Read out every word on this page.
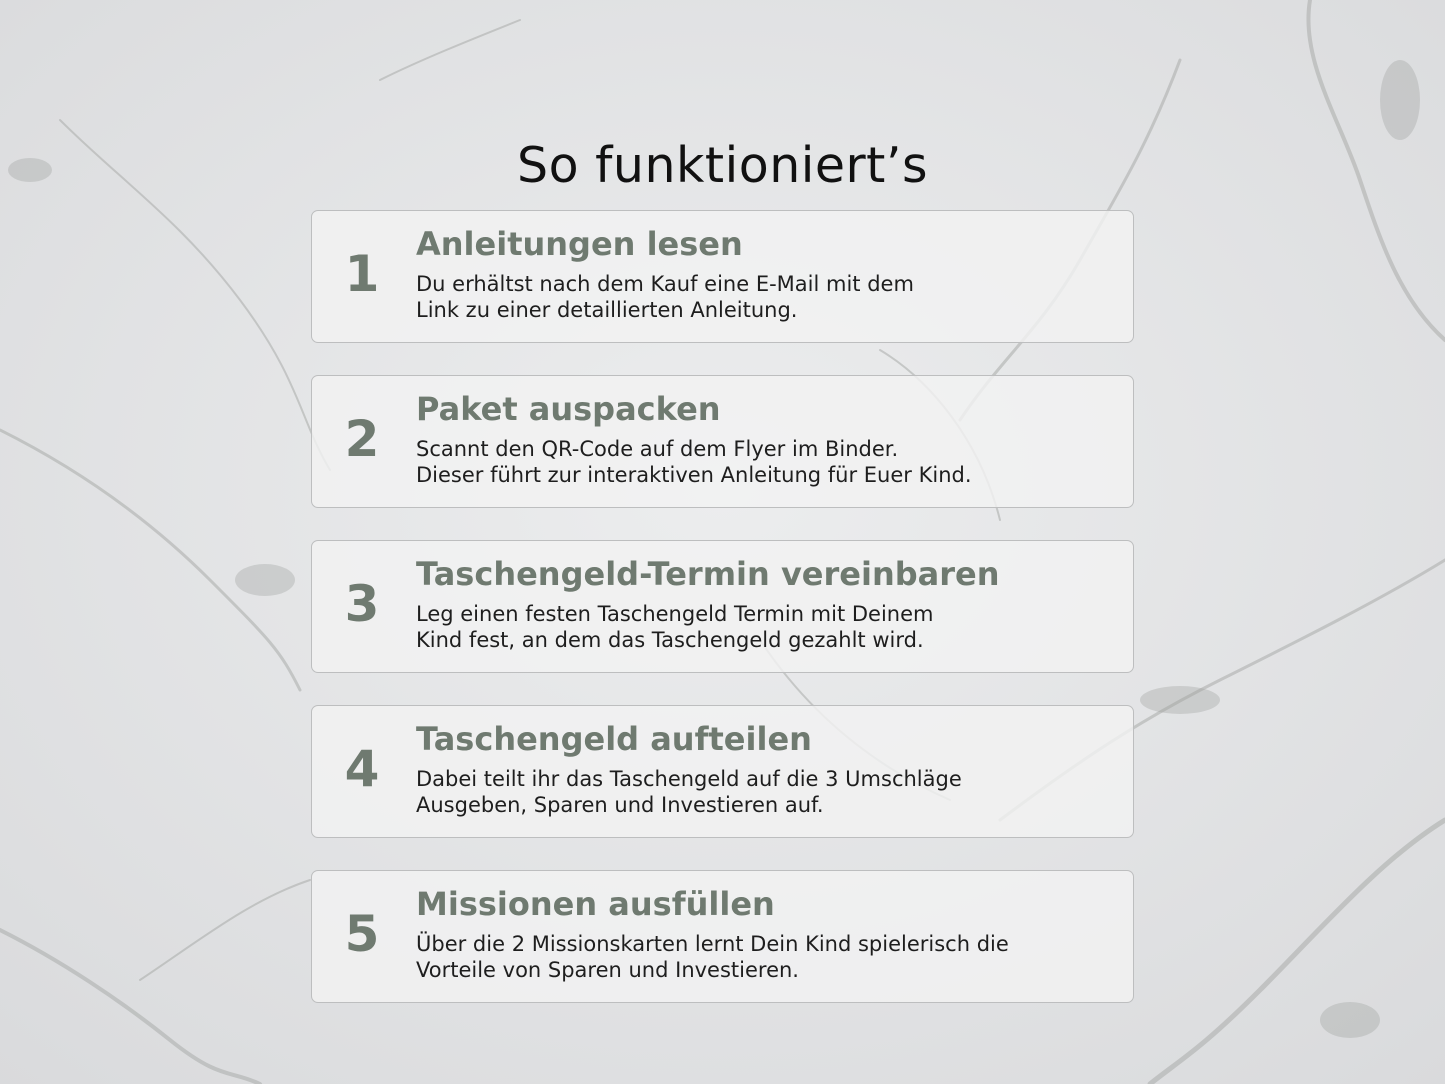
So funktioniert’s
1
Anleitungen lesen
Du erhältst nach dem Kauf eine E-Mail mit dem
Link zu einer detaillierten Anleitung.
2
Paket auspacken
Scannt den QR-Code auf dem Flyer im Binder.
Dieser führt zur interaktiven Anleitung für Euer Kind.
3
Taschengeld-Termin vereinbaren
Leg einen festen Taschengeld Termin mit Deinem
Kind fest, an dem das Taschengeld gezahlt wird.
4
Taschengeld aufteilen
Dabei teilt ihr das Taschengeld auf die 3 Umschläge
Ausgeben, Sparen und Investieren auf.
5
Missionen ausfüllen
Über die 2 Missionskarten lernt Dein Kind spielerisch die
Vorteile von Sparen und Investieren.
